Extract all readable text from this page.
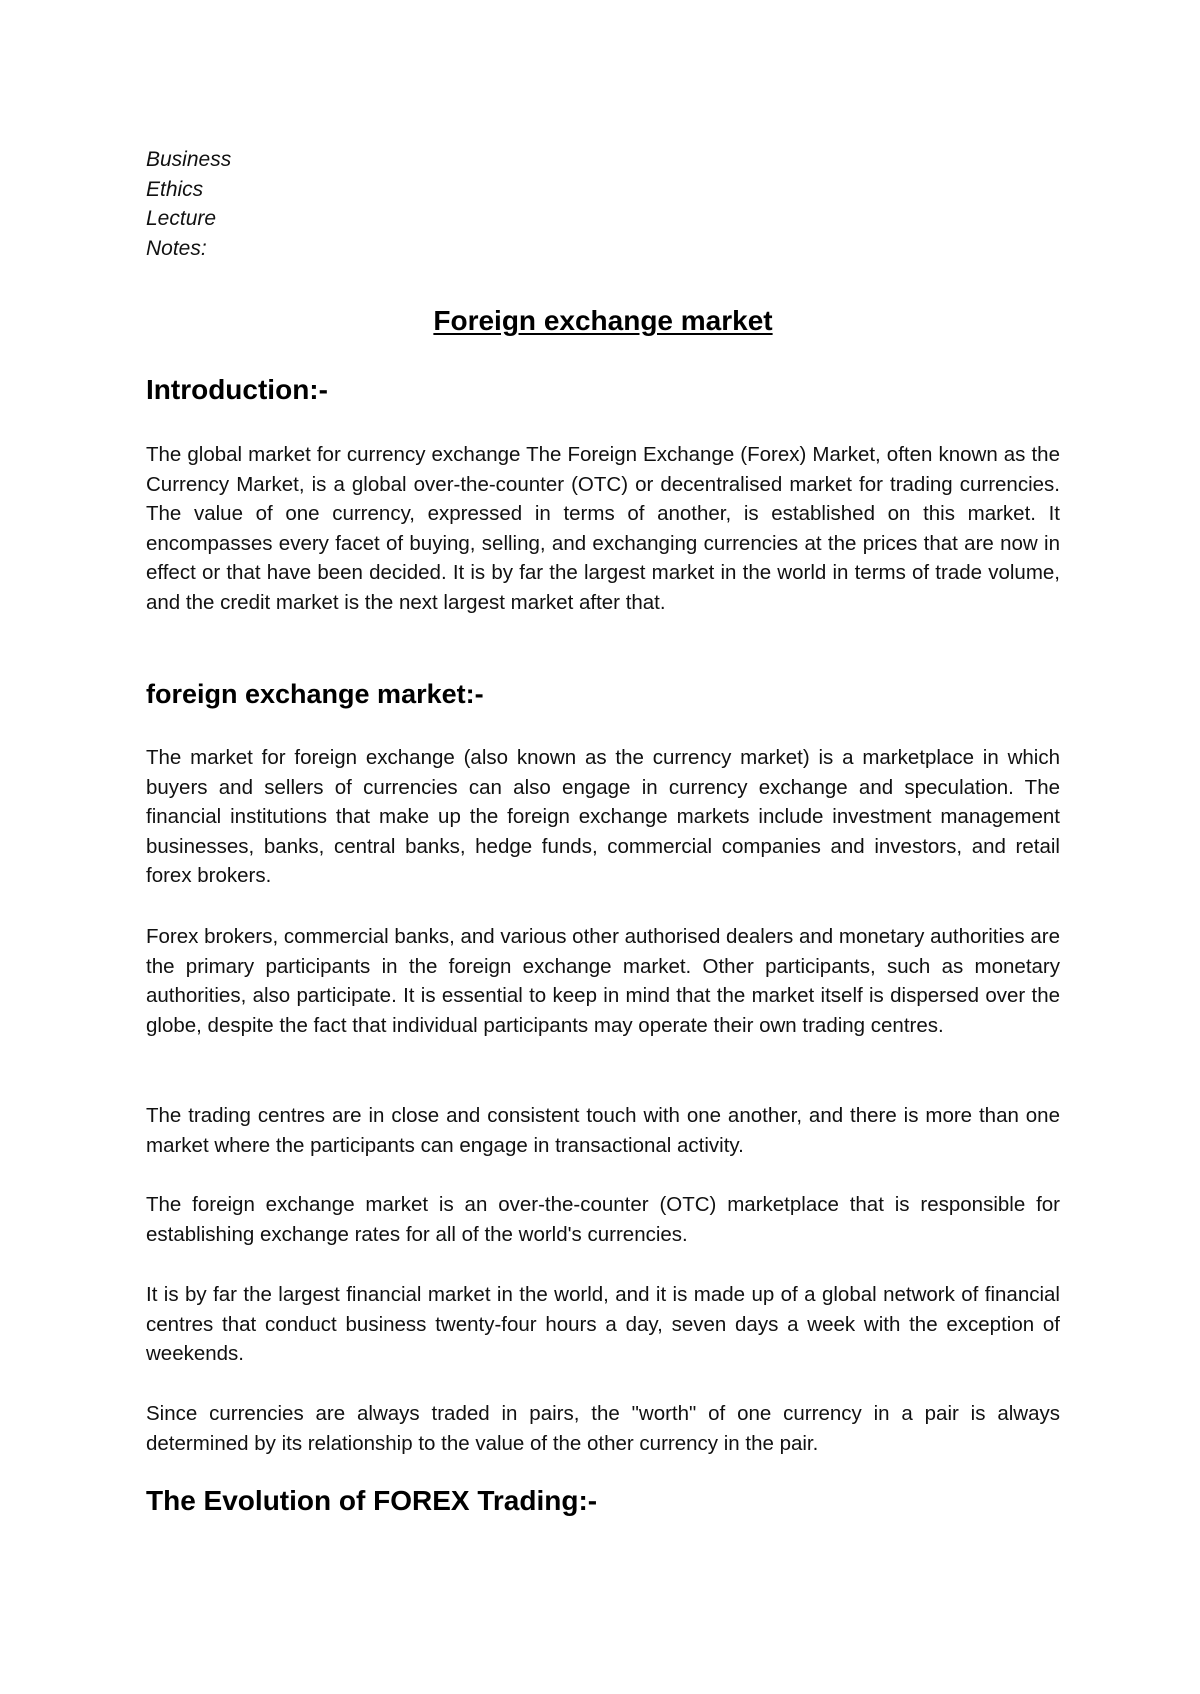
Business
Ethics
Lecture
Notes:
Foreign exchange market
Introduction:-

The global market for currency exchange The Foreign Exchange (Forex) Market, often known as the Currency Market, is a global over-the-counter (OTC) or decentralised market for trading currencies. The value of one currency, expressed in terms of another, is established on this market. It encompasses every facet of buying, selling, and exchanging currencies at the prices that are now in effect or that have been decided. It is by far the largest market in the world in terms of trade volume, and the credit market is the next largest market after that.

foreign exchange market:-

The market for foreign exchange (also known as the currency market) is a marketplace in which buyers and sellers of currencies can also engage in currency exchange and speculation. The financial institutions that make up the foreign exchange markets include investment management businesses, banks, central banks, hedge funds, commercial companies and investors, and retail forex brokers.

Forex brokers, commercial banks, and various other authorised dealers and monetary authorities are the primary participants in the foreign exchange market. Other participants, such as monetary authorities, also participate. It is essential to keep in mind that the market itself is dispersed over the globe, despite the fact that individual participants may operate their own trading centres.

The trading centres are in close and consistent touch with one another, and there is more than one market where the participants can engage in transactional activity.

The foreign exchange market is an over-the-counter (OTC) marketplace that is responsible for establishing exchange rates for all of the world's currencies.

It is by far the largest financial market in the world, and it is made up of a global network of financial centres that conduct business twenty-four hours a day, seven days a week with the exception of weekends.

Since currencies are always traded in pairs, the "worth" of one currency in a pair is always determined by its relationship to the value of the other currency in the pair.

The Evolution of FOREX Trading:-
